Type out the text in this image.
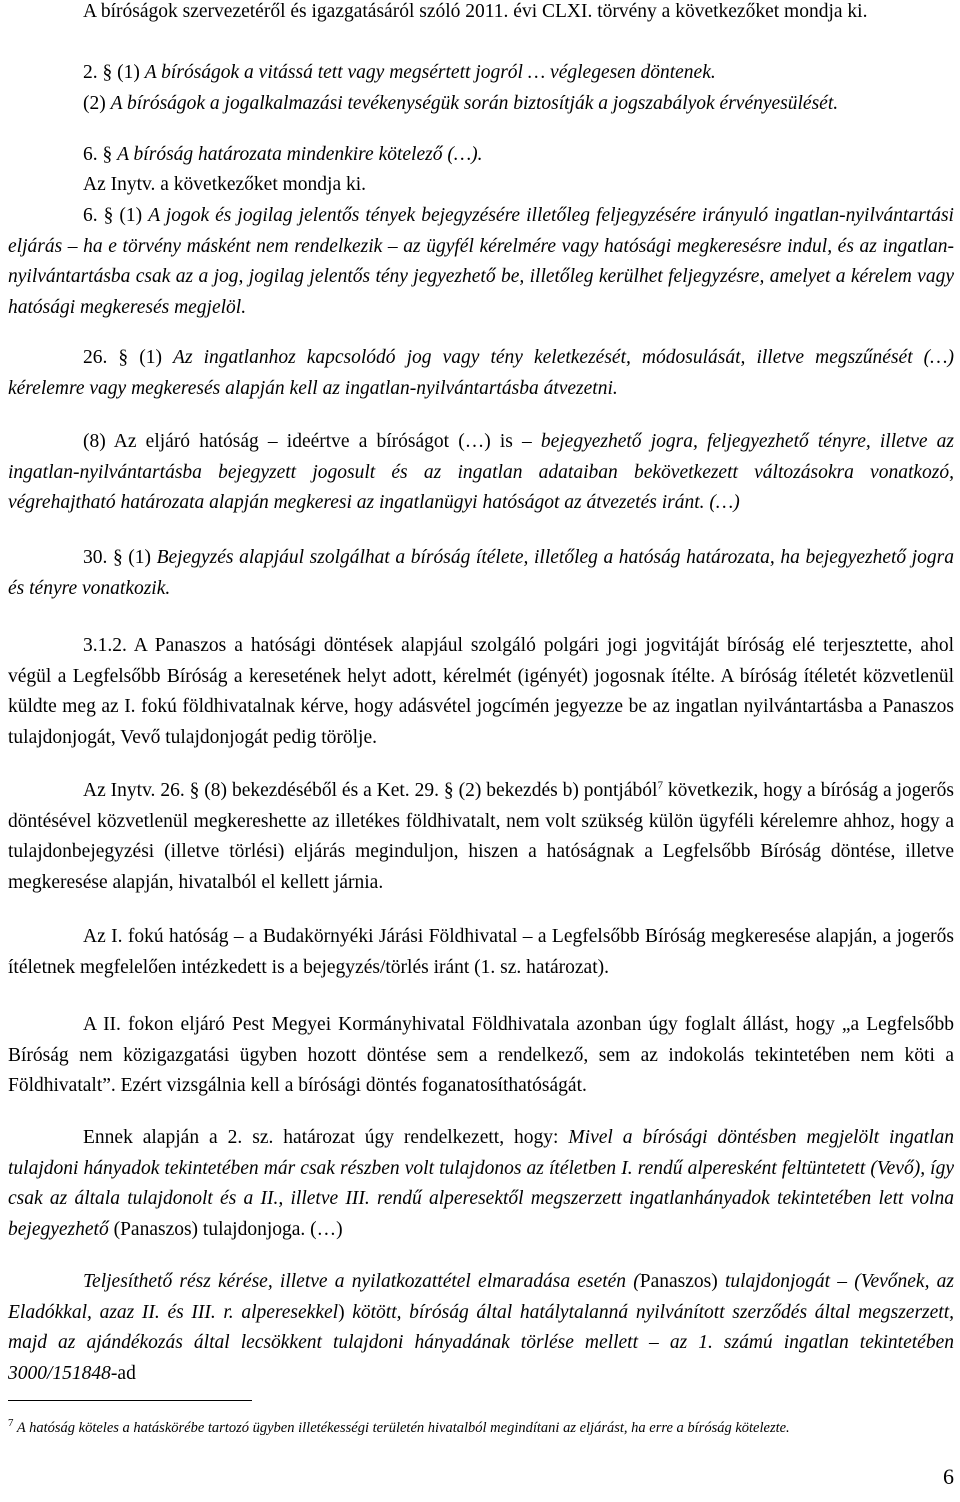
A bíróságok szervezetéről és igazgatásáról szóló 2011. évi CLXI. törvény a következőket mondja ki.

2. § (1) A bíróságok a vitássá tett vagy megsértett jogról … véglegesen döntenek.

(2) A bíróságok a jogalkalmazási tevékenységük során biztosítják a jogszabályok érvényesülését.

6. § A bíróság határozata mindenkire kötelező (…).

Az Inytv. a következőket mondja ki.

6. § (1) A jogok és jogilag jelentős tények bejegyzésére illetőleg feljegyzésére irányuló ingatlan-nyilvántartási eljárás – ha e törvény másként nem rendelkezik – az ügyfél kérelmére vagy hatósági megkeresésre indul, és az ingatlan-nyilvántartásba csak az a jog, jogilag jelentős tény jegyezhető be, illetőleg kerülhet feljegyzésre, amelyet a kérelem vagy hatósági megkeresés megjelöl.

26. § (1) Az ingatlanhoz kapcsolódó jog vagy tény keletkezését, módosulását, illetve megszűnését (…) kérelemre vagy megkeresés alapján kell az ingatlan-nyilvántartásba átvezetni.

(8) Az eljáró hatóság – ideértve a bíróságot (…) is – bejegyezhető jogra, feljegyezhető tényre, illetve az ingatlan-nyilvántartásba bejegyzett jogosult és az ingatlan adataiban bekövetkezett változásokra vonatkozó, végrehajtható határozata alapján megkeresi az ingatlanügyi hatóságot az átvezetés iránt. (…)

30. § (1) Bejegyzés alapjául szolgálhat a bíróság ítélete, illetőleg a hatóság határozata, ha bejegyezhető jogra és tényre vonatkozik.

3.1.2. A Panaszos a hatósági döntések alapjául szolgáló polgári jogi jogvitáját bíróság elé terjesztette, ahol végül a Legfelsőbb Bíróság a keresetének helyt adott, kérelmét (igényét) jogosnak ítélte. A bíróság ítéletét közvetlenül küldte meg az I. fokú földhivatalnak kérve, hogy adásvétel jogcímén jegyezze be az ingatlan nyilvántartásba a Panaszos tulajdonjogát, Vevő tulajdonjogát pedig törölje.

Az Inytv. 26. § (8) bekezdéséből és a Ket. 29. § (2) bekezdés b) pontjából$^7$ következik, hogy a bíróság a jogerős döntésével közvetlenül megkereshette az illetékes földhivatalt, nem volt szükség külön ügyféli kérelemre ahhoz, hogy a tulajdonbejegyzési (illetve törlési) eljárás meginduljon, hiszen a hatóságnak a Legfelsőbb Bíróság döntése, illetve megkeresése alapján, hivatalból el kellett járnia.

Az I. fokú hatóság – a Budakörnyéki Járási Földhivatal – a Legfelsőbb Bíróság megkeresése alapján, a jogerős ítéletnek megfelelően intézkedett is a bejegyzés/törlés iránt (1. sz. határozat).

A II. fokon eljáró Pest Megyei Kormányhivatal Földhivatala azonban úgy foglalt állást, hogy „a Legfelsőbb Bíróság nem közigazgatási ügyben hozott döntése sem a rendelkező, sem az indokolás tekintetében nem köti a Földhivatalt”. Ezért vizsgálnia kell a bírósági döntés foganatosíthatóságát.

Ennek alapján a 2. sz. határozat úgy rendelkezett, hogy: Mivel a bírósági döntésben megjelölt ingatlan tulajdoni hányadok tekintetében már csak részben volt tulajdonos az ítéletben I. rendű alperesként feltüntetett (Vevő), így csak az általa tulajdonolt és a II., illetve III. rendű alperesektől megszerzett ingatlanhányadok tekintetében lett volna bejegyezhető (Panaszos) tulajdonjoga. (…)

Teljesíthető rész kérése, illetve a nyilatkozattétel elmaradása esetén (Panaszos) tulajdonjogát – (Vevőnek, az Eladókkal, azaz II. és III. r. alperesekkel) kötött, bíróság által hatálytalanná nyilvánított szerződés által megszerzett, majd az ajándékozás által lecsökkent tulajdoni hányadának törlése mellett – az 1. számú ingatlan tekintetében 3000/151848-ad

$^7$ A hatóság köteles a hatáskörébe tartozó ügyben illetékességi területén hivatalból megindítani az eljárást, ha erre a bíróság kötelezte.
6
